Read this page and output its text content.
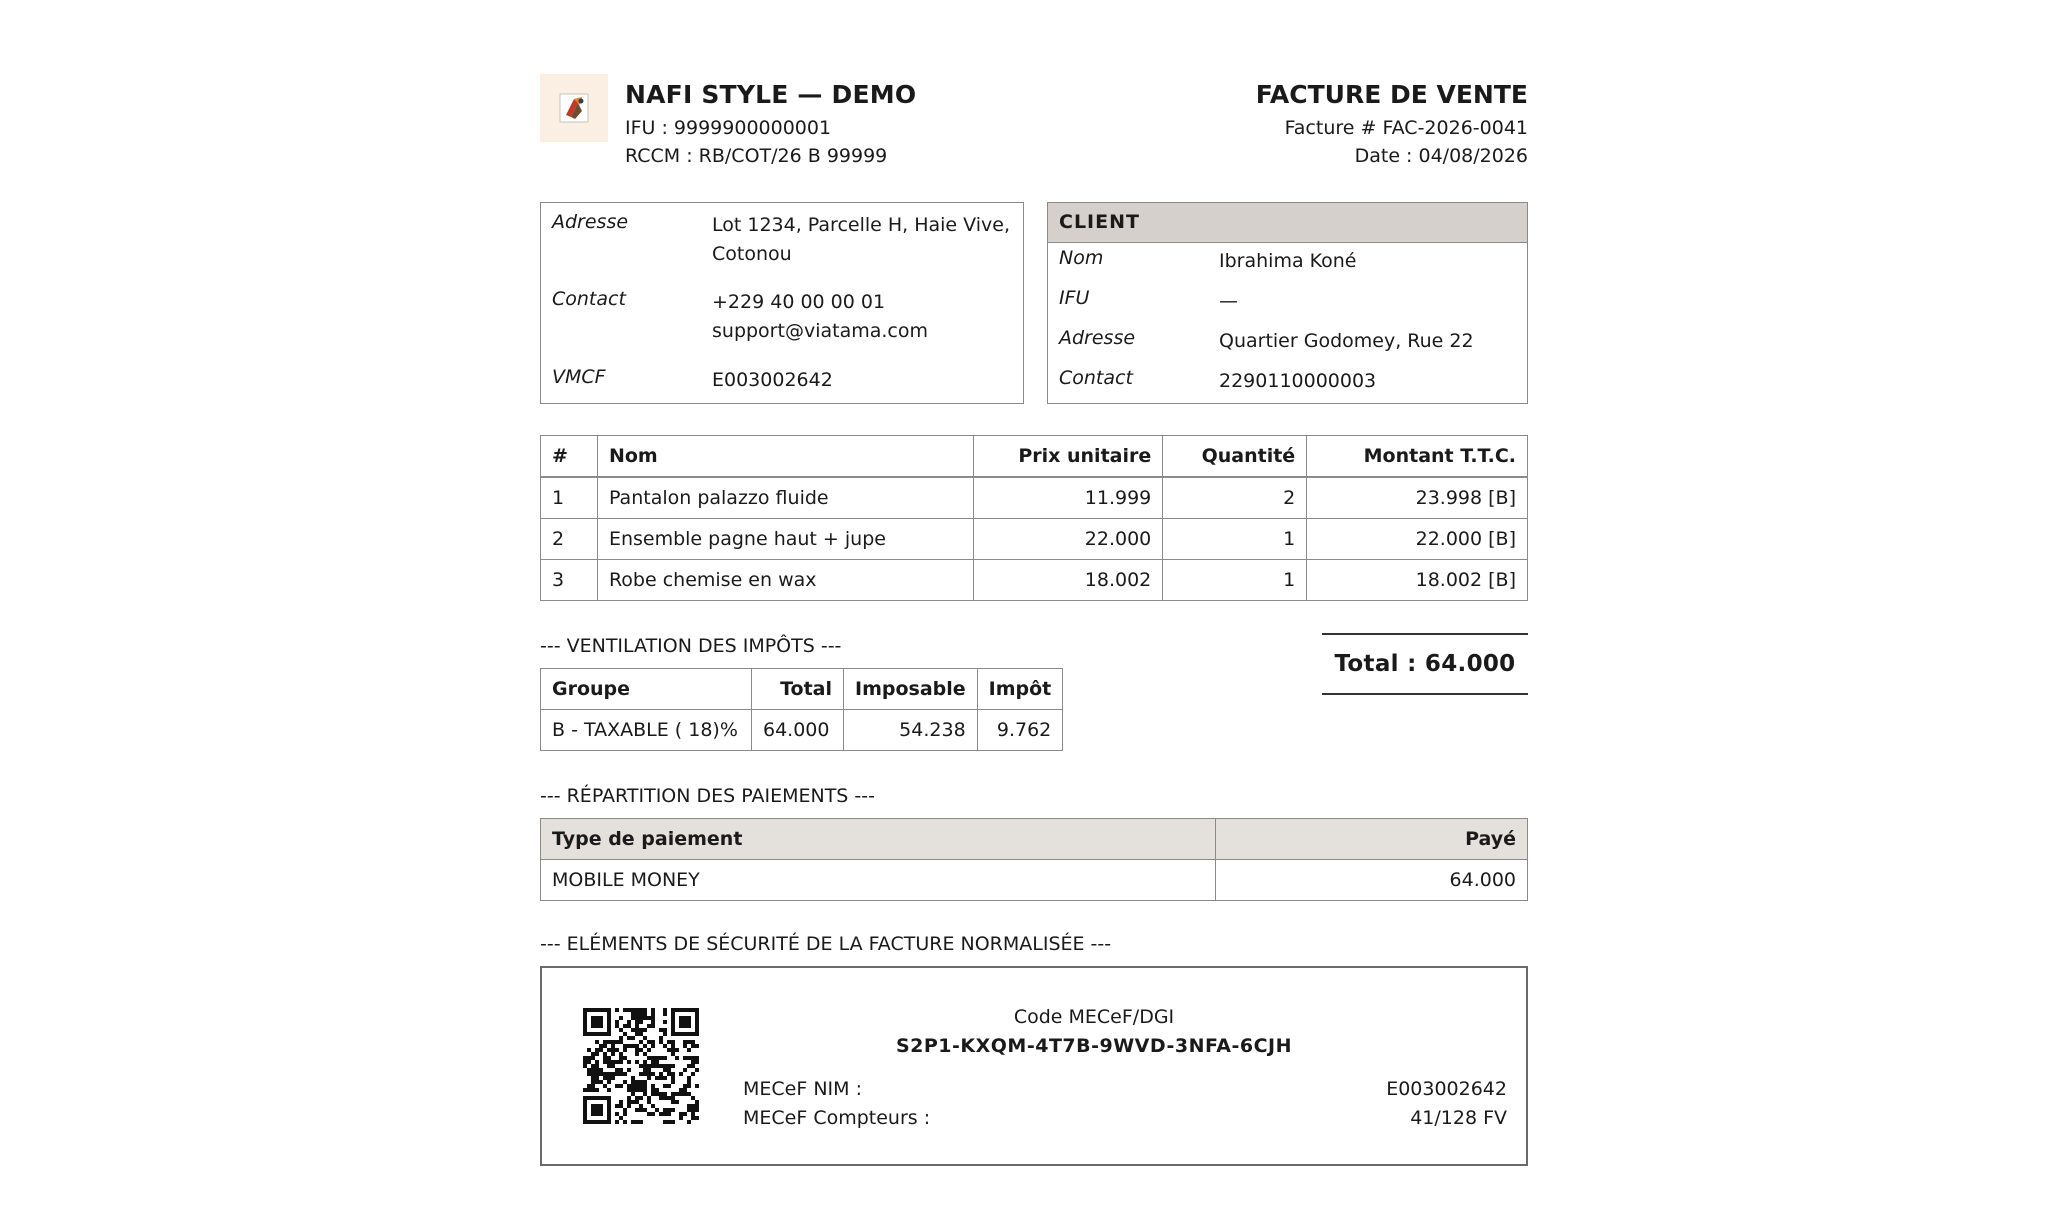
NAFI STYLE — DEMO
IFU : 9999900000001
RCCM : RB/COT/26 B 99999
FACTURE DE VENTE
Facture # FAC-2026-0041
Date : 04/08/2026
Adresse	Lot 1234, Parcelle H, Haie Vive,
Cotonou
Contact	+229 40 00 00 01
support@viatama.com
VMCF	E003002642
CLIENT
Nom	Ibrahima Koné
IFU	—
Adresse	Quartier Godomey, Rue 22
Contact	2290110000003
#	Nom	Prix unitaire	Quantité	Montant T.T.C.
1	Pantalon palazzo fluide	11.999	2	23.998 [B]
2	Ensemble pagne haut + jupe	22.000	1	22.000 [B]
3	Robe chemise en wax	18.002	1	18.002 [B]
--- VENTILATION DES IMPÔTS ---
Groupe	Total	Imposable	Impôt
B - TAXABLE ( 18)%	64.000	54.238	9.762
Total : 64.000
--- RÉPARTITION DES PAIEMENTS ---
Type de paiement	Payé
MOBILE MONEY	64.000
--- ELÉMENTS DE SÉCURITÉ DE LA FACTURE NORMALISÉE ---
Code MECeF/DGI
S2P1-KXQM-4T7B-9WVD-3NFA-6CJH
MECeF NIM :	E003002642
MECeF Compteurs :	41/128 FV
